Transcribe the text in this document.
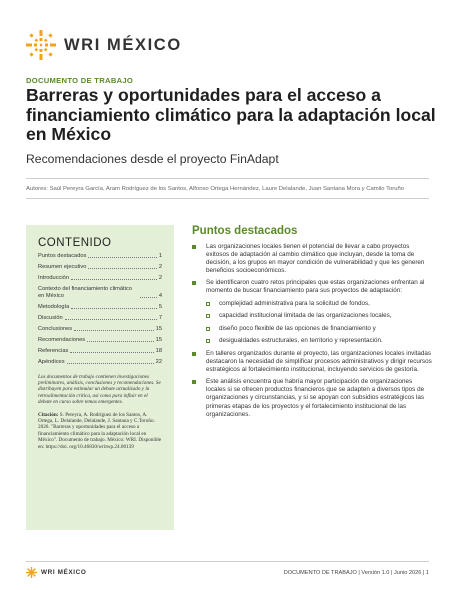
WRI MÉXICO
DOCUMENTO DE TRABAJO
Barreras y oportunidades para el acceso a financiamiento climático para la adaptación local en México
Recomendaciones desde el proyecto FinAdapt
Autores: Saúl Pereyra García, Aram Rodríguez de los Santos, Alfonso Ortega Hernández, Laure Delalande, Juan Santana Mora y Camilo Toruño
CONTENIDO
Puntos destacados	1
Resumen ejecutivo	2
Introducción	2
Contexto del financiamiento climático en México	4
Metodología	5
Discusión	7
Conclusiones	15
Recomendaciones	15
Referencias	18
Apéndices	22

Los documentos de trabajo contienen investigaciones preliminares, análisis, conclusiones y recomendaciones. Se distribuyen para estimular un debate actualizado y la retroalimentación crítica, así como para influir en el debate en curso sobre temas emergentes.

Citación: S. Pereyra, A. Rodríguez de los Santos, A. Ortega, L. Delalande, Delalande, J. Santana y C.Toruño. 2026. "Barreras y oportunidades para el acceso a financiamiento climático para la adaptación local en México". Documento de trabajo. México: WRI. Disponible en: https://doi. org/10.46830/writwp.24.00139

Puntos destacados
Las organizaciones locales tienen el potencial de llevar a cabo proyectos exitosos de adaptación al cambio climático que incluyan, desde la toma de decisión, a los grupos en mayor condición de vulnerabilidad y que les generen beneficios socioeconómicos.
Se identificaron cuatro retos principales que estas organizaciones enfrentan al momento de buscar financiamiento para sus proyectos de adaptación:
complejidad administrativa para la solicitud de fondos,
capacidad institucional limitada de las organizaciones locales,
diseño poco flexible de las opciones de financiamiento y
desigualdades estructurales, en territorio y representación.
En talleres organizados durante el proyecto, las organizaciones locales invitadas destacaron la necesidad de simplificar procesos administrativos y dirigir recursos estratégicos al fortalecimiento institucional, incluyendo servicios de gestoría.
Este análisis encuentra que habría mayor participación de organizaciones locales si se ofrecen productos financieros que se adapten a diversos tipos de organizaciones y circunstancias, y si se apoyan con subsidios estratégicos las primeras etapas de los proyectos y el fortalecimiento institucional de las organizaciones.
WRI MÉXICO	DOCUMENTO DE TRABAJO | Versión 1.0 | Junio 2026 | 1
